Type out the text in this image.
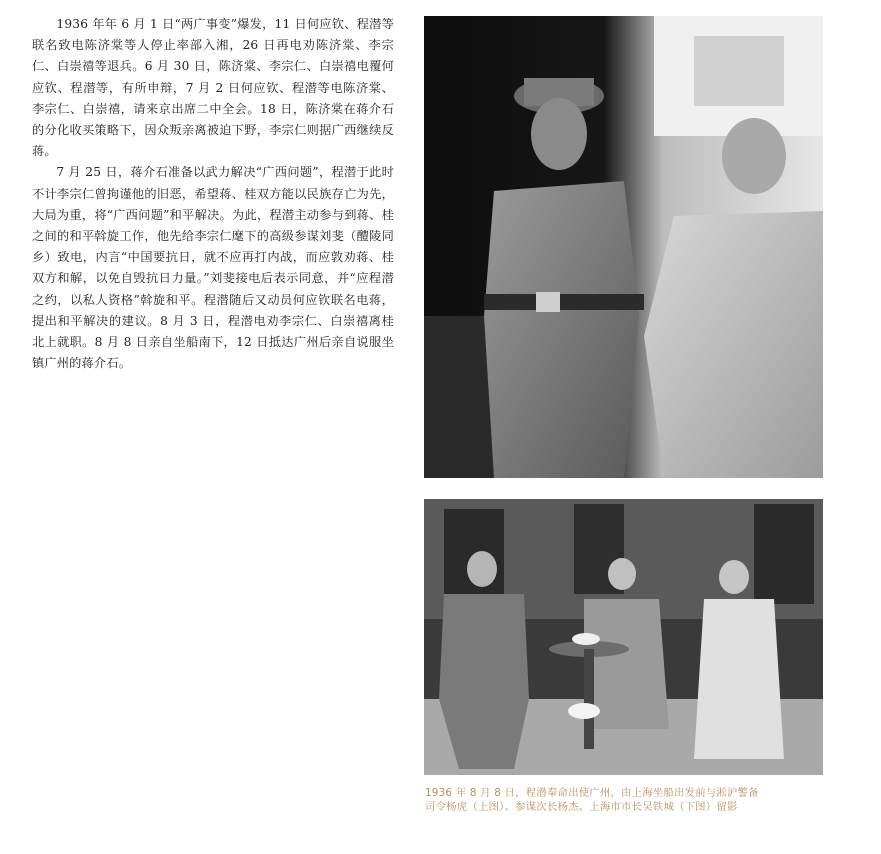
1936 年年 6 月 1 日“两广事变”爆发，11 日何应钦、程潜等联名致电陈济棠等人停止率部入湘，26 日再电劝陈济棠、李宗仁、白崇禧等退兵。6 月 30 日，陈济棠、李宗仁、白崇禧电覆何应钦、程潜等，有所申辩，7 月 2 日何应钦、程潜等电陈济棠、李宗仁、白崇禧，请来京出席二中全会。18 日，陈济棠在蒋介石的分化收买策略下，因众叛亲离被迫下野，李宗仁则据广西继续反蒋。

7 月 25 日，蒋介石准备以武力解决“广西问题”，程潜于此时不计李宗仁曾拘谨他的旧恶，希望蒋、桂双方能以民族存亡为先，大局为重，将“广西问题”和平解决。为此，程潜主动参与到蒋、桂之间的和平斡旋工作，他先给李宗仁麾下的高级参谋刘斐（醴陵同乡）致电，内言“中国要抗日，就不应再打内战，而应敦劝蒋、桂双方和解，以免自毁抗日力量。”刘斐接电后表示同意，并“应程潜之约，以私人资格”斡旋和平。程潜随后又动员何应钦联名电蒋，提出和平解决的建议。8 月 3 日，程潜电劝李宗仁、白崇禧离桂北上就职。8 月 8 日亲自坐船南下，12 日抵达广州后亲自说服坐镇广州的蒋介石。

1936 年 8 月 8 日，程潜奉命出使广州，由上海坐船出发前与淞沪警备
司令杨虎（上图）、参谋次长杨杰、上海市市长吴铁城（下图）留影
